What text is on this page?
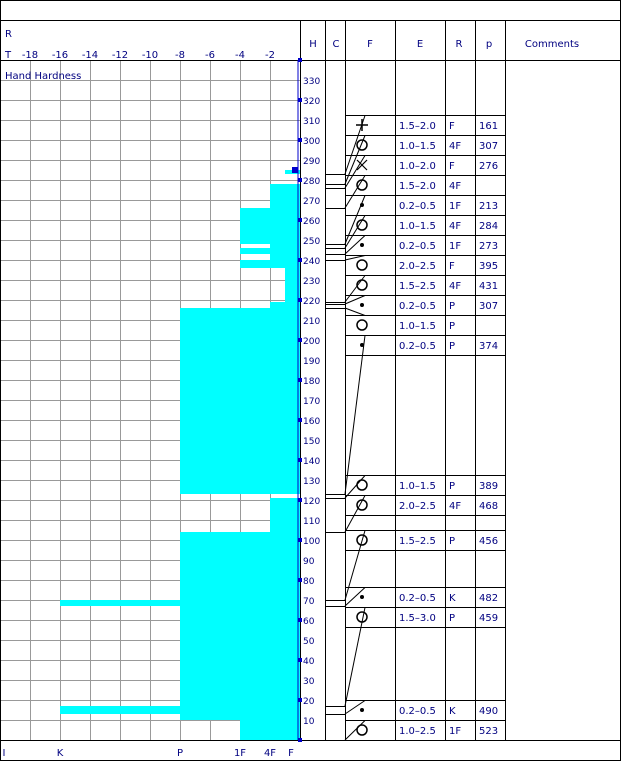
R
T
Hand Hardness
H C	F	E	R p	Comments
-18 -16 -14 -12 -10 -8 -6 -4 -2
330
320
310
300
290
280
270
260
250
240
230
220
210
200
190
180
170
160
150
140
130
120
110
100
90
80
70
60
50
40
30
20
10
I	K	P	1F 4F F
1.5–2.0 F 161
1.0–1.5 4F 307
1.0–2.0 F 276
1.5–2.0 4F
0.2–0.5 1F 213
1.0–1.5 4F 284
0.2–0.5 1F 273
2.0–2.5 F 395
1.5–2.5 4F 431
0.2–0.5 P 307
1.0–1.5 P
0.2–0.5 P 374
1.0–1.5 P 389
2.0–2.5 4F 468
1.5–2.5 P 456
0.2–0.5 K 482
1.5–3.0 P 459
0.2–0.5 K 490
1.0–2.5 1F 523
